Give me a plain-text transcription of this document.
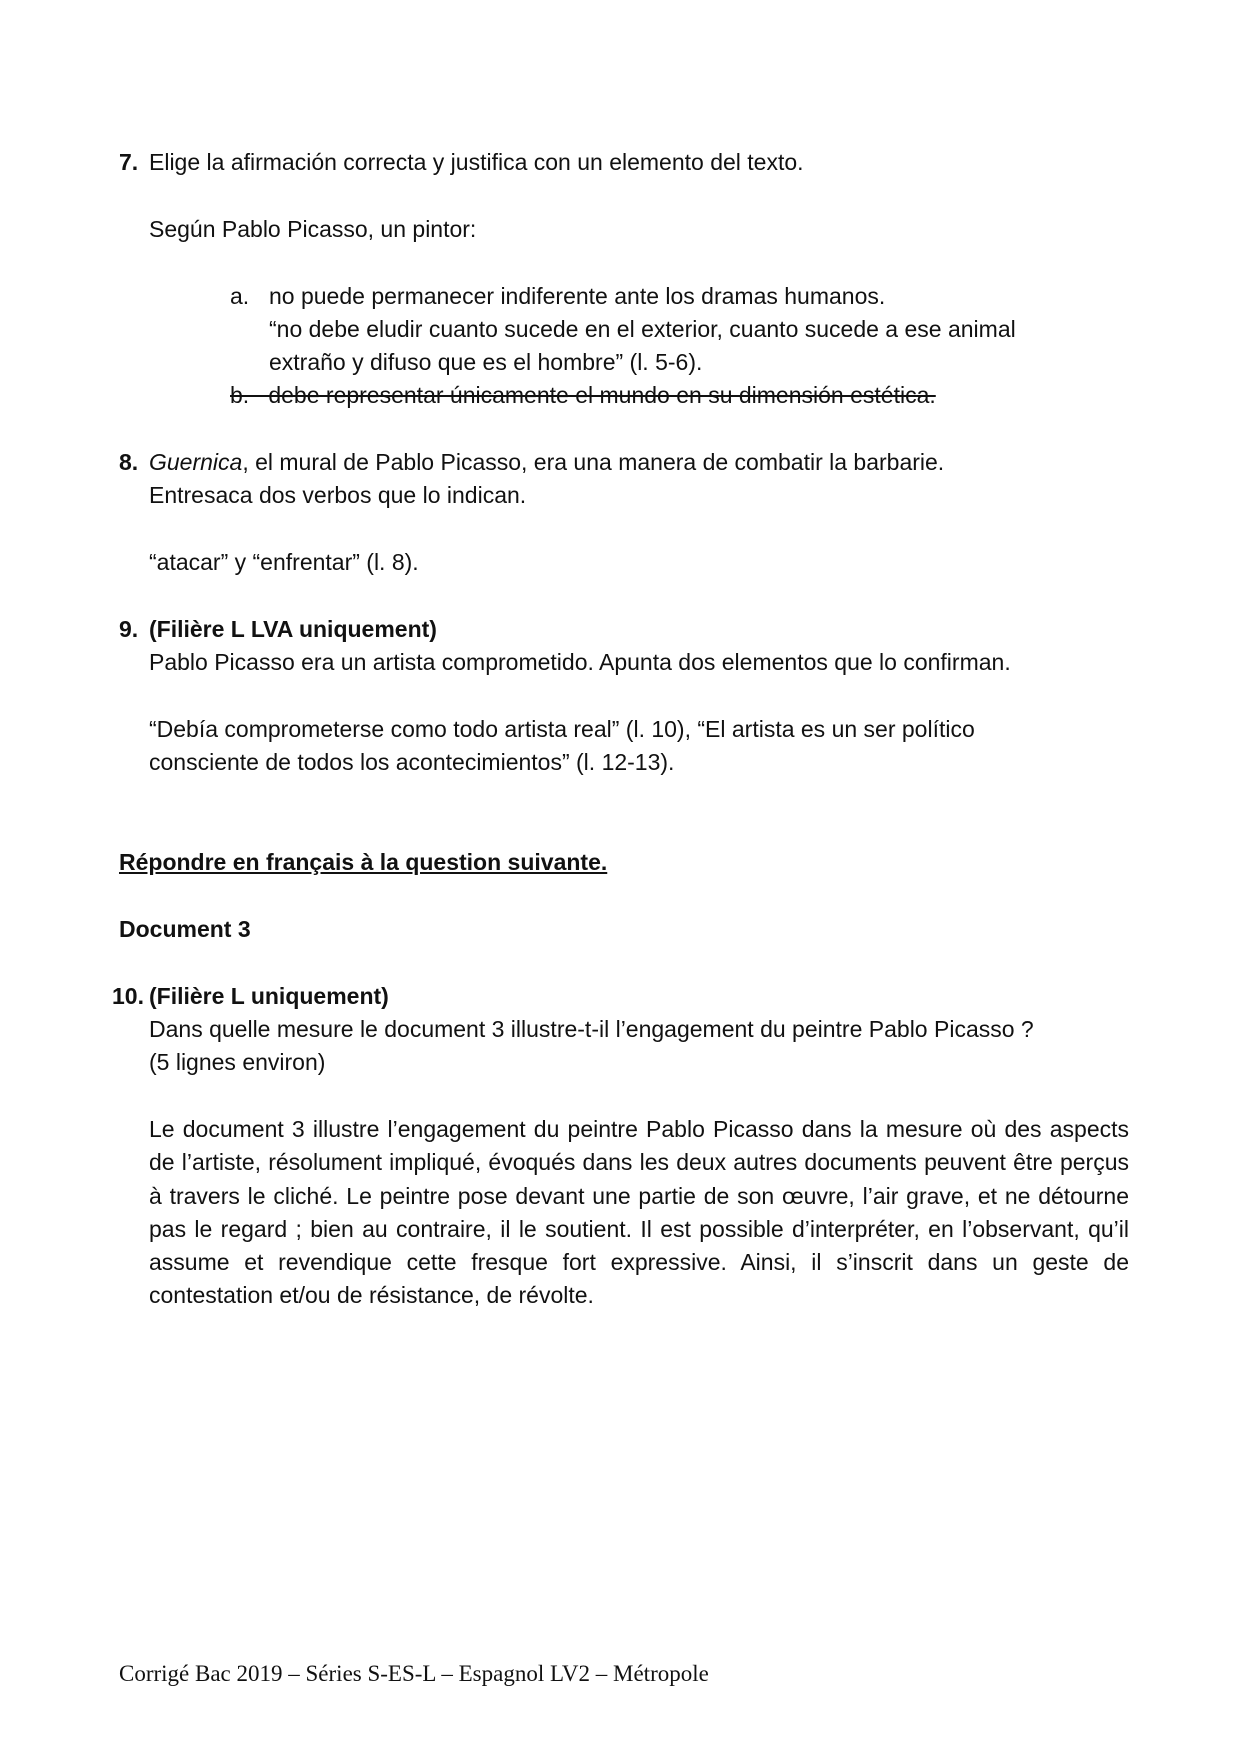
7. Elige la afirmación correcta y justifica con un elemento del texto.
Según Pablo Picasso, un pintor:
a. no puede permanecer indiferente ante los dramas humanos.
“no debe eludir cuanto sucede en el exterior, cuanto sucede a ese animal
extraño y difuso que es el hombre” (l. 5-6).
b.   debe representar únicamente el mundo en su dimensión estética.
8. Guernica, el mural de Pablo Picasso, era una manera de combatir la barbarie.
Entresaca dos verbos que lo indican.
“atacar” y “enfrentar” (l. 8).
9. (Filière L LVA uniquement)
Pablo Picasso era un artista comprometido. Apunta dos elementos que lo confirman.
“Debía comprometerse como todo artista real” (l. 10), “El artista es un ser político
consciente de todos los acontecimientos” (l. 12-13).
Répondre en français à la question suivante.
Document 3
10. (Filière L uniquement)
Dans quelle mesure le document 3 illustre-t-il l’engagement du peintre Pablo Picasso ?
(5 lignes environ)
Le document 3 illustre l’engagement du peintre Pablo Picasso dans la mesure où des aspects de l’artiste, résolument impliqué, évoqués dans les deux autres documents peuvent être perçus à travers le cliché. Le peintre pose devant une partie de son œuvre, l’air grave, et ne détourne pas le regard ; bien au contraire, il le soutient. Il est possible d’interpréter, en l’observant, qu’il assume et revendique cette fresque fort expressive. Ainsi, il s’inscrit dans un geste de contestation et/ou de résistance, de révolte.
Corrigé Bac 2019 – Séries S-ES-L – Espagnol LV2 – Métropole
